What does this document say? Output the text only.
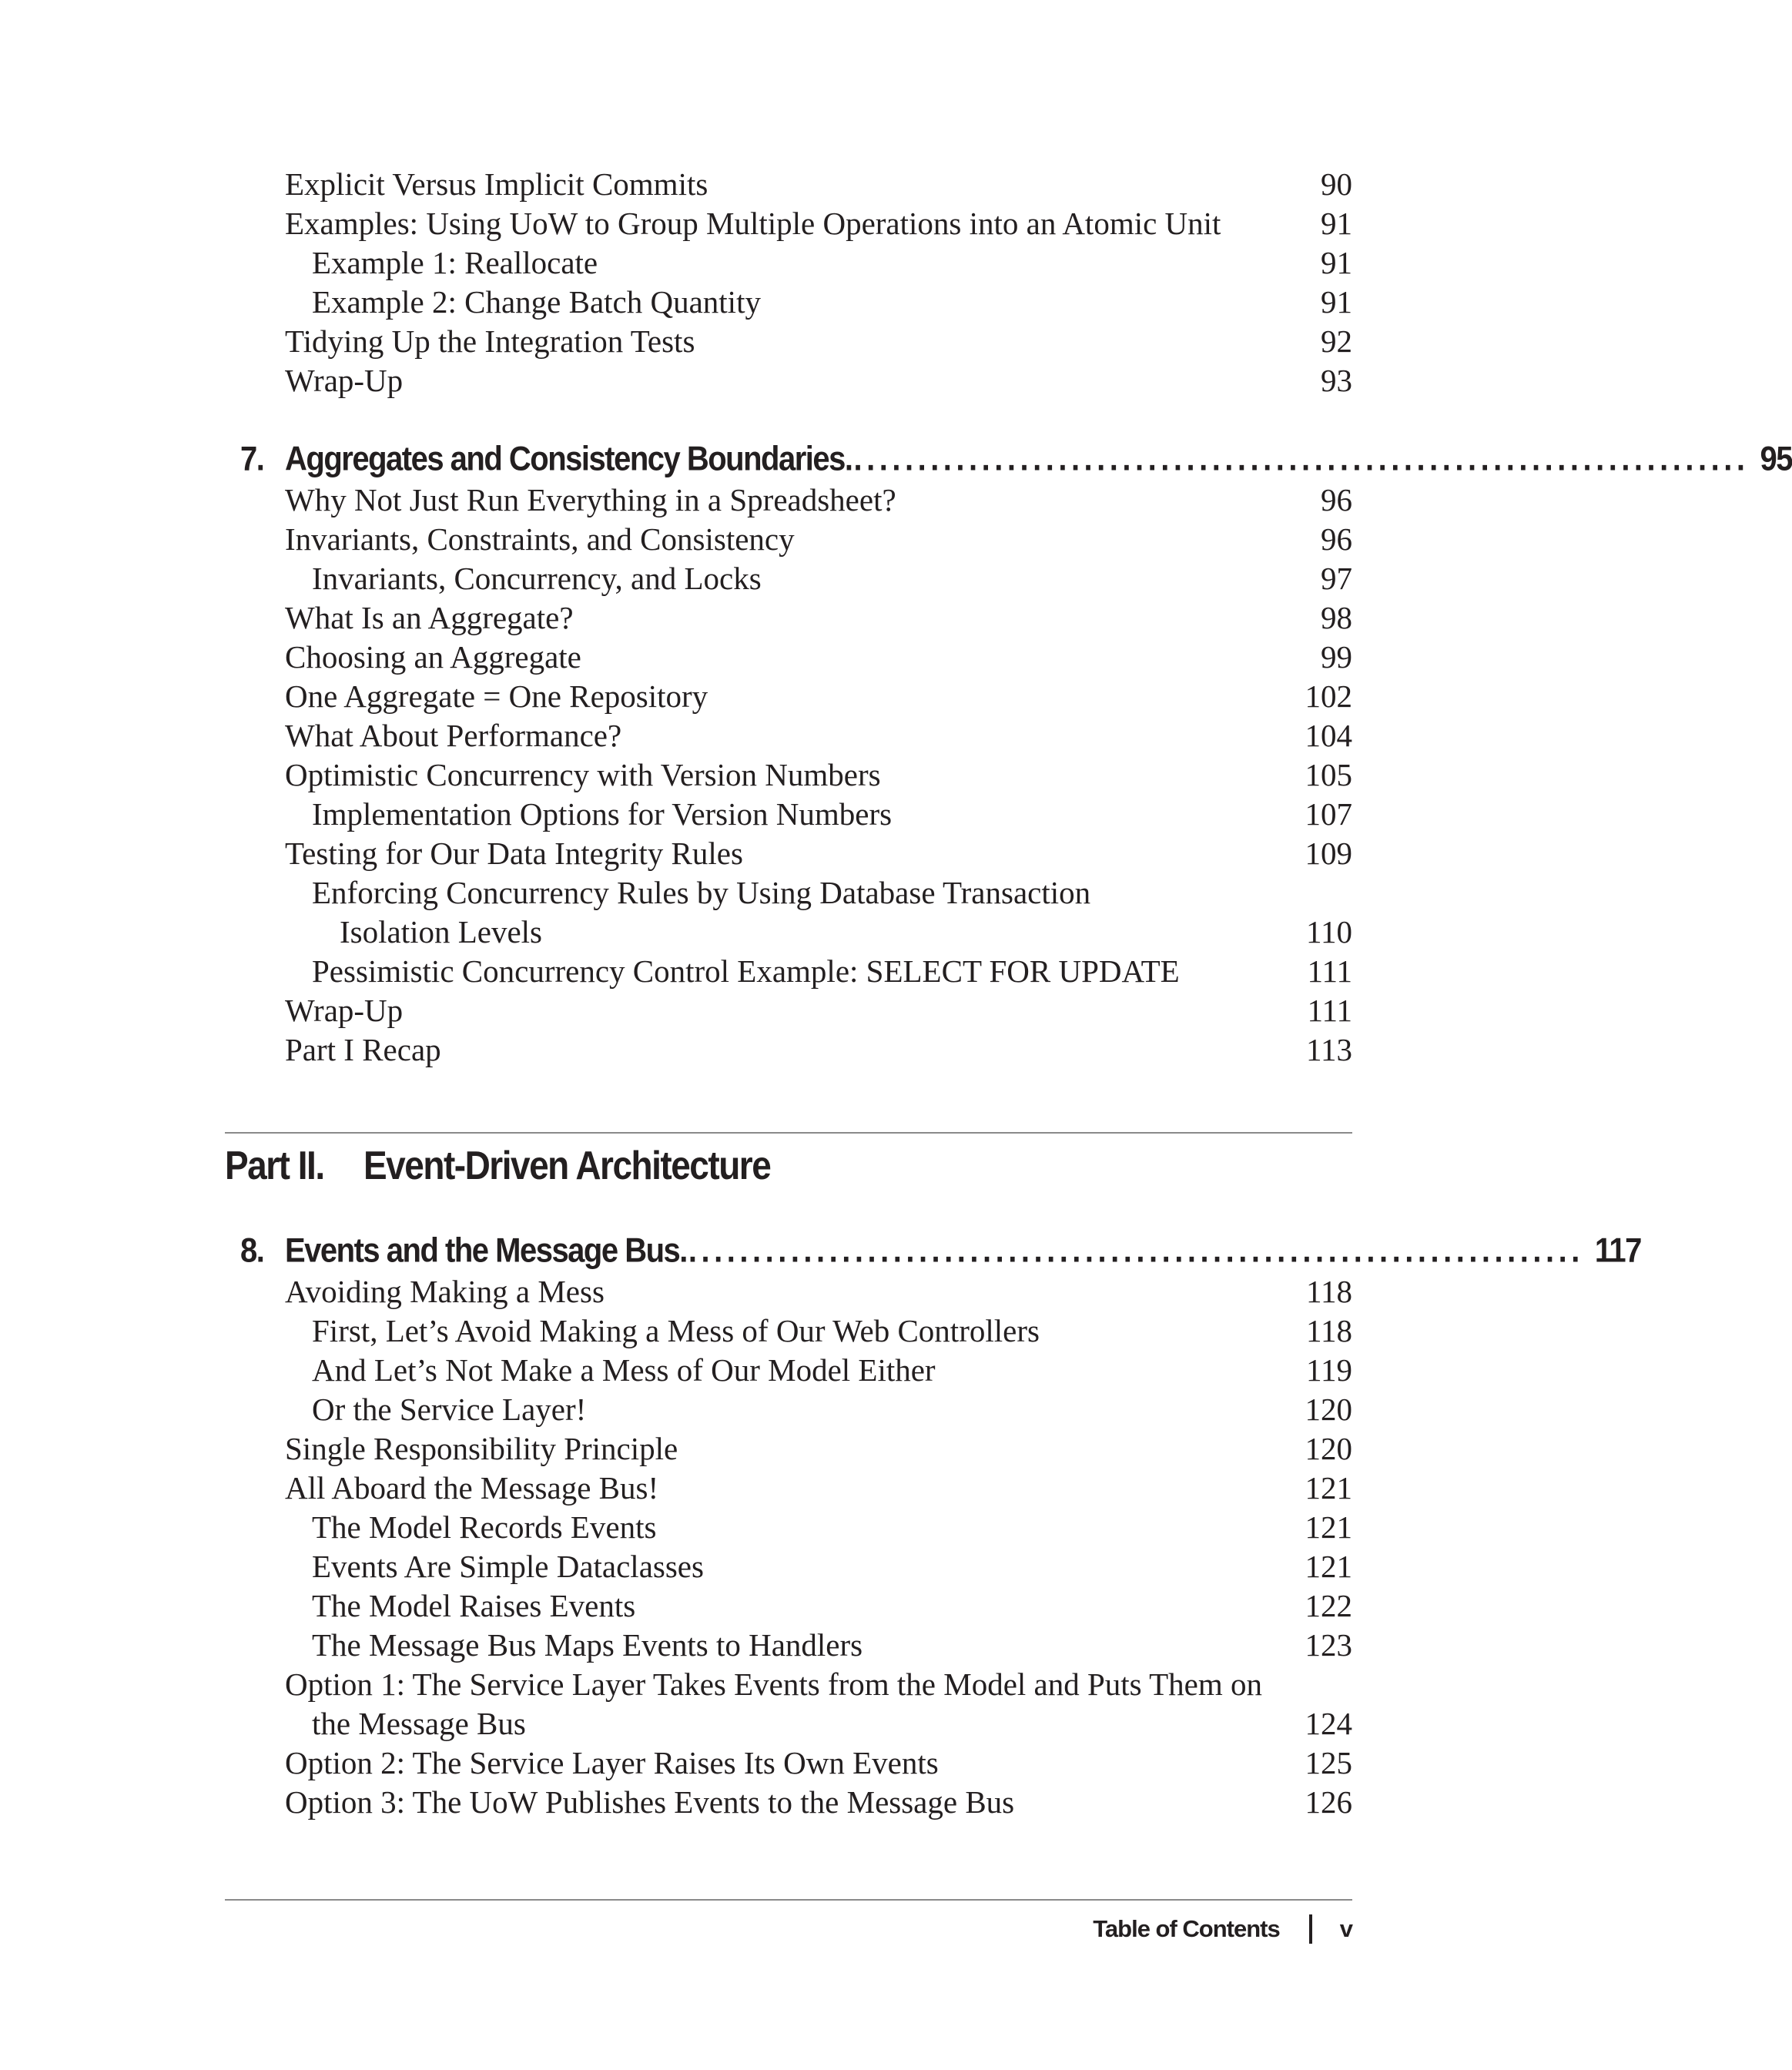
Explicit Versus Implicit Commits	90
Examples: Using UoW to Group Multiple Operations into an Atomic Unit	91
Example 1: Reallocate	91
Example 2: Change Batch Quantity	91
Tidying Up the Integration Tests	92
Wrap-Up	93
7. Aggregates and Consistency Boundaries. ...................................................................... 95
Why Not Just Run Everything in a Spreadsheet?	96
Invariants, Constraints, and Consistency	96
Invariants, Concurrency, and Locks	97
What Is an Aggregate?	98
Choosing an Aggregate	99
One Aggregate = One Repository	102
What About Performance?	104
Optimistic Concurrency with Version Numbers	105
Implementation Options for Version Numbers	107
Testing for Our Data Integrity Rules	109
Enforcing Concurrency Rules by Using Database Transaction
Isolation Levels	110
Pessimistic Concurrency Control Example: SELECT FOR UPDATE	111
Wrap-Up	111
Part I Recap	113
Part II. Event-Driven Architecture
8. Events and the Message Bus. ...................................................................... 117
Avoiding Making a Mess	118
First, Let’s Avoid Making a Mess of Our Web Controllers	118
And Let’s Not Make a Mess of Our Model Either	119
Or the Service Layer!	120
Single Responsibility Principle	120
All Aboard the Message Bus!	121
The Model Records Events	121
Events Are Simple Dataclasses	121
The Model Raises Events	122
The Message Bus Maps Events to Handlers	123
Option 1: The Service Layer Takes Events from the Model and Puts Them on
the Message Bus	124
Option 2: The Service Layer Raises Its Own Events	125
Option 3: The UoW Publishes Events to the Message Bus	126
Table of Contents	v
